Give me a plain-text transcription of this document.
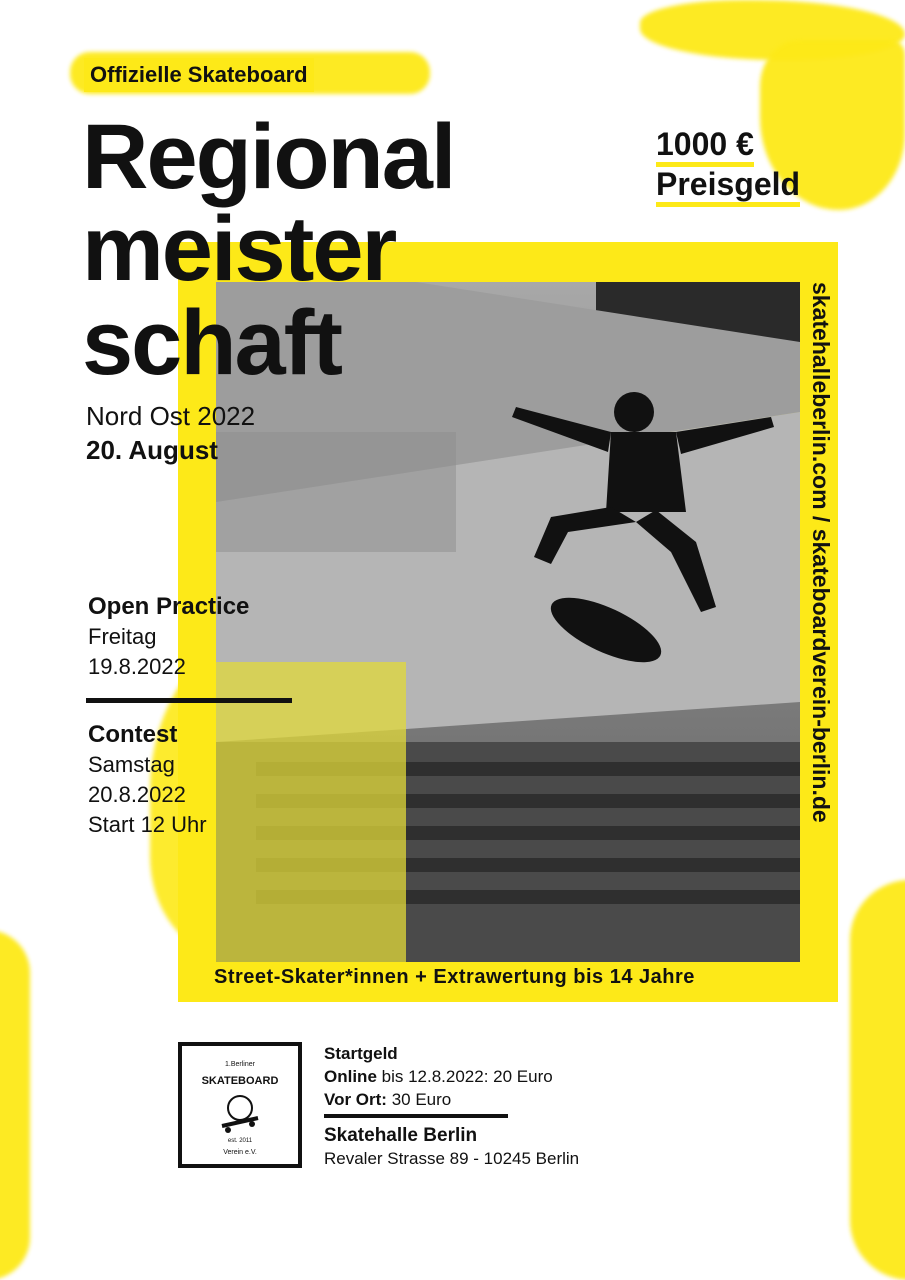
Offizielle Skateboard
Regional
meister
schaft
Nord Ost 2022
20. August
1000 €
Preisgeld
skatehalleberlin.com / skateboardverein-berlin.de
Open Practice
Freitag
19.8.2022
Contest
Samstag
20.8.2022
Start 12 Uhr
Street-Skater*innen + Extrawertung bis 14 Jahre
1.Berliner
SKATEBOARD
est. 2011
Verein e.V.
Startgeld
Online bis 12.8.2022: 20 Euro
Vor Ort: 30 Euro
Skatehalle Berlin
Revaler Strasse 89 - 10245 Berlin
